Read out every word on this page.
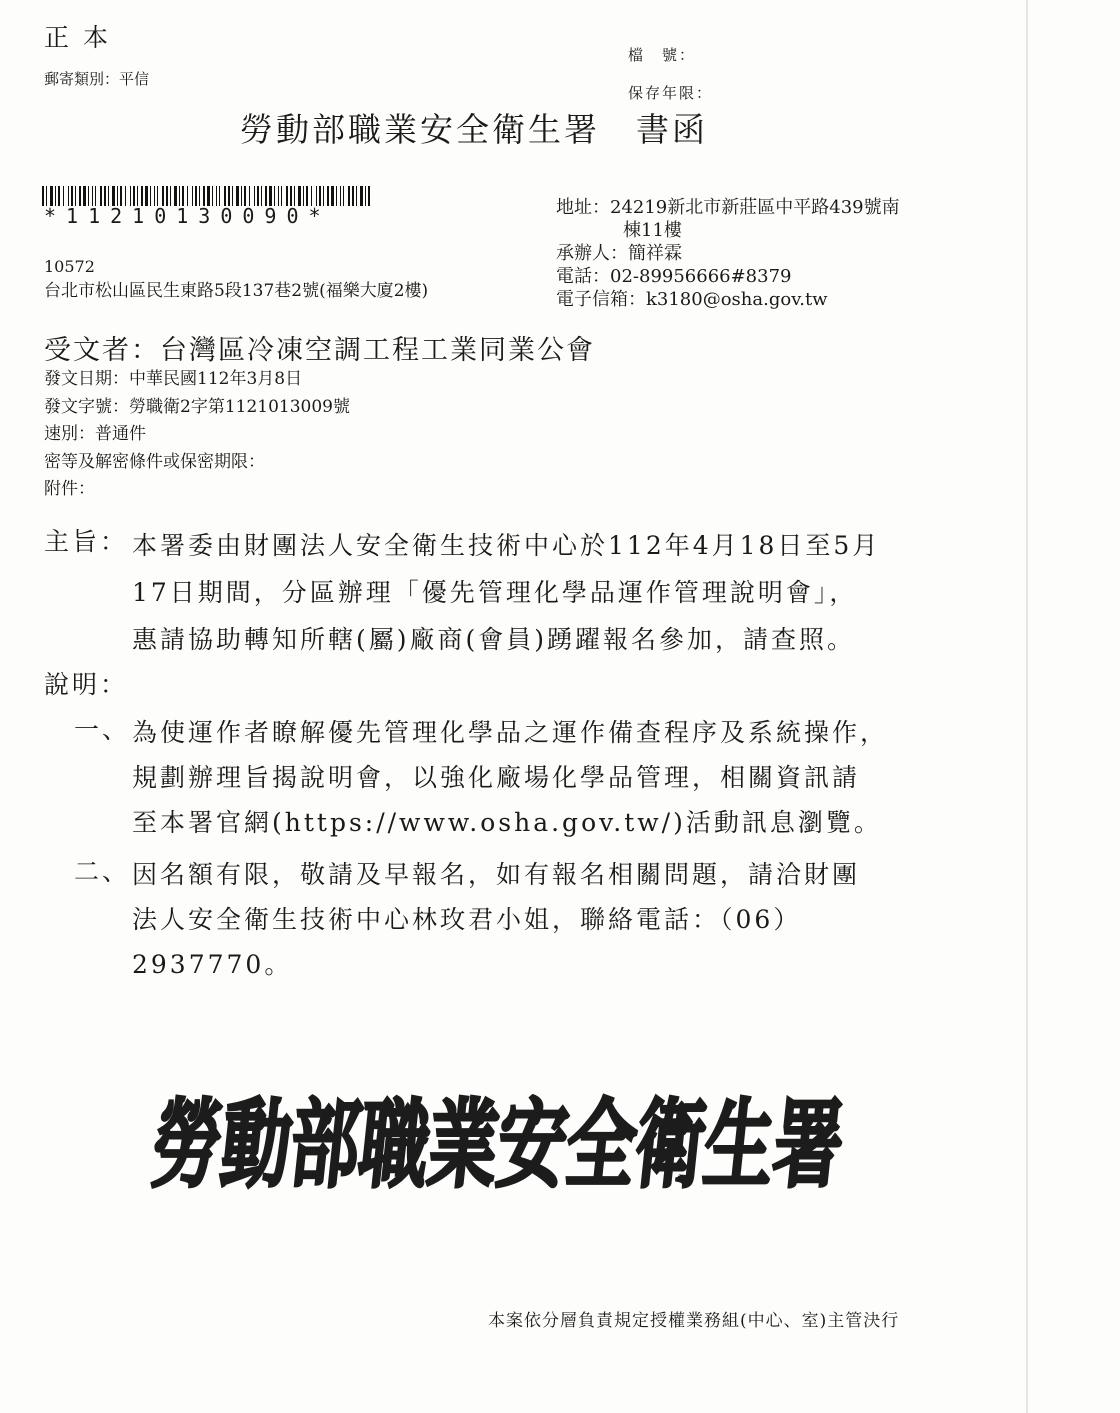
正本
郵寄類別：平信
檔　號：
保存年限：
勞動部職業安全衛生署 書函
*11210130090*
10572
台北市松山區民生東路5段137巷2號(福樂大廈2樓)
地址：24219新北市新莊區中平路439號南
棟11樓
承辦人：簡祥霖
電話：02-89956666#8379
電子信箱：k3180@osha.gov.tw
受文者：台灣區冷凍空調工程工業同業公會
發文日期：中華民國112年3月8日
發文字號：勞職衛2字第1121013009號
速別：普通件
密等及解密條件或保密期限：
附件：
主旨： 本署委由財團法人安全衛生技術中心於112年4月18日至5月
17日期間，分區辦理「優先管理化學品運作管理說明會」，
惠請協助轉知所轄(屬)廠商(會員)踴躍報名參加，請查照。
說明：
一、 為使運作者瞭解優先管理化學品之運作備查程序及系統操作，
規劃辦理旨揭說明會，以強化廠場化學品管理，相關資訊請
至本署官網(https://www.osha.gov.tw/)活動訊息瀏覽。
二、 因名額有限，敬請及早報名，如有報名相關問題，請洽財團
法人安全衛生技術中心林玫君小姐，聯絡電話：（06）
2937770。
勞動部職業安全衛生署
本案依分層負責規定授權業務組(中心、室)主管決行
